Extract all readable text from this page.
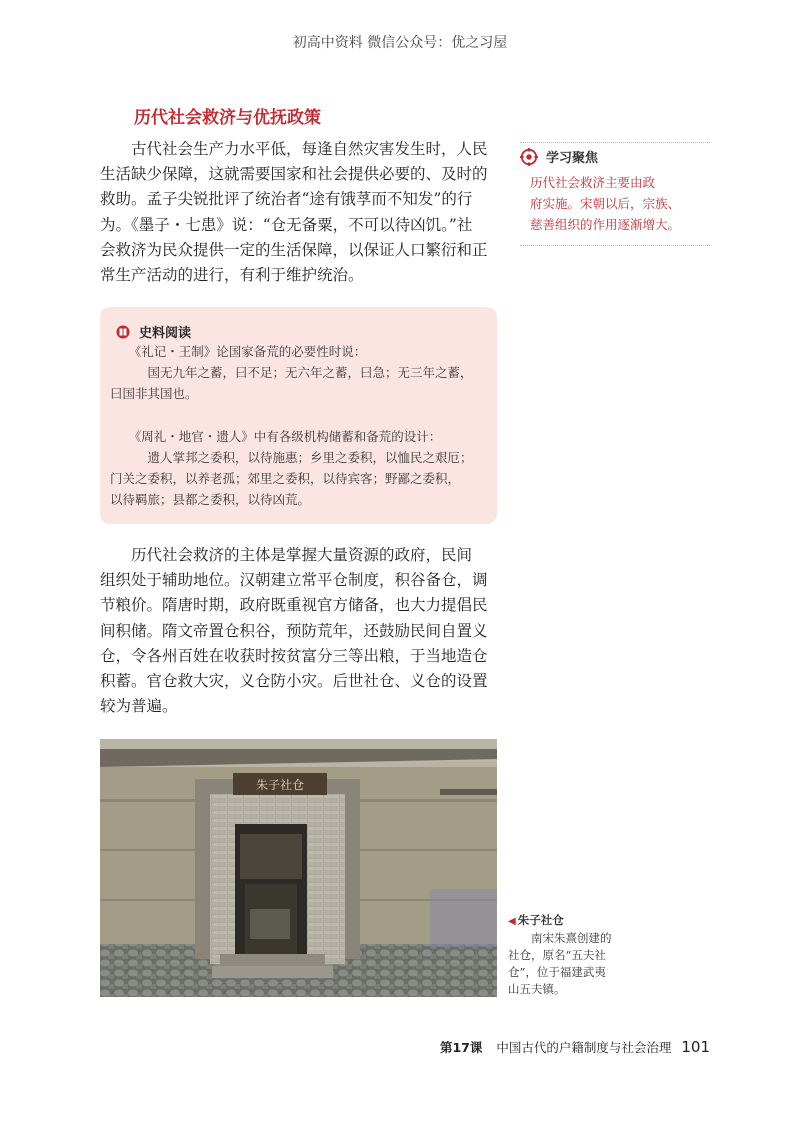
初高中资料 微信公众号：优之习屋
历代社会救济与优抚政策
　　古代社会生产力水平低，每逢自然灾害发生时，人民
生活缺少保障，这就需要国家和社会提供必要的、及时的
救助。孟子尖锐批评了统治者“途有饿莩而不知发”的行
为。《墨子・七患》说：“仓无备粟，不可以待凶饥。”社
会救济为民众提供一定的生活保障，以保证人口繁衍和正
常生产活动的进行，有利于维护统治。
学习聚焦
历代社会救济主要由政
府实施。宋朝以后，宗族、
慈善组织的作用逐渐增大。
史料阅读
　　《礼记・王制》论国家备荒的必要性时说：
　　　国无九年之蓄，曰不足；无六年之蓄，曰急；无三年之蓄，
曰国非其国也。
　　《周礼・地官・遗人》中有各级机构储蓄和备荒的设计：
　　　遗人掌邦之委积，以待施惠；乡里之委积，以恤民之艰厄；
门关之委积，以养老孤；郊里之委积，以待宾客；野鄙之委积，
以待羁旅；县都之委积，以待凶荒。
　　历代社会救济的主体是掌握大量资源的政府，民间
组织处于辅助地位。汉朝建立常平仓制度，积谷备仓，调
节粮价。隋唐时期，政府既重视官方储备，也大力提倡民
间积储。隋文帝置仓积谷，预防荒年，还鼓励民间自置义
仓，令各州百姓在收获时按贫富分三等出粮，于当地造仓
积蓄。官仓救大灾，义仓防小灾。后世社仓、义仓的设置
较为普遍。
朱子社仓
◀ 朱子社仓
　　南宋朱熹创建的
社仓，原名“五夫社
仓”，位于福建武夷
山五夫镇。
第17课 中国古代的户籍制度与社会治理 101
